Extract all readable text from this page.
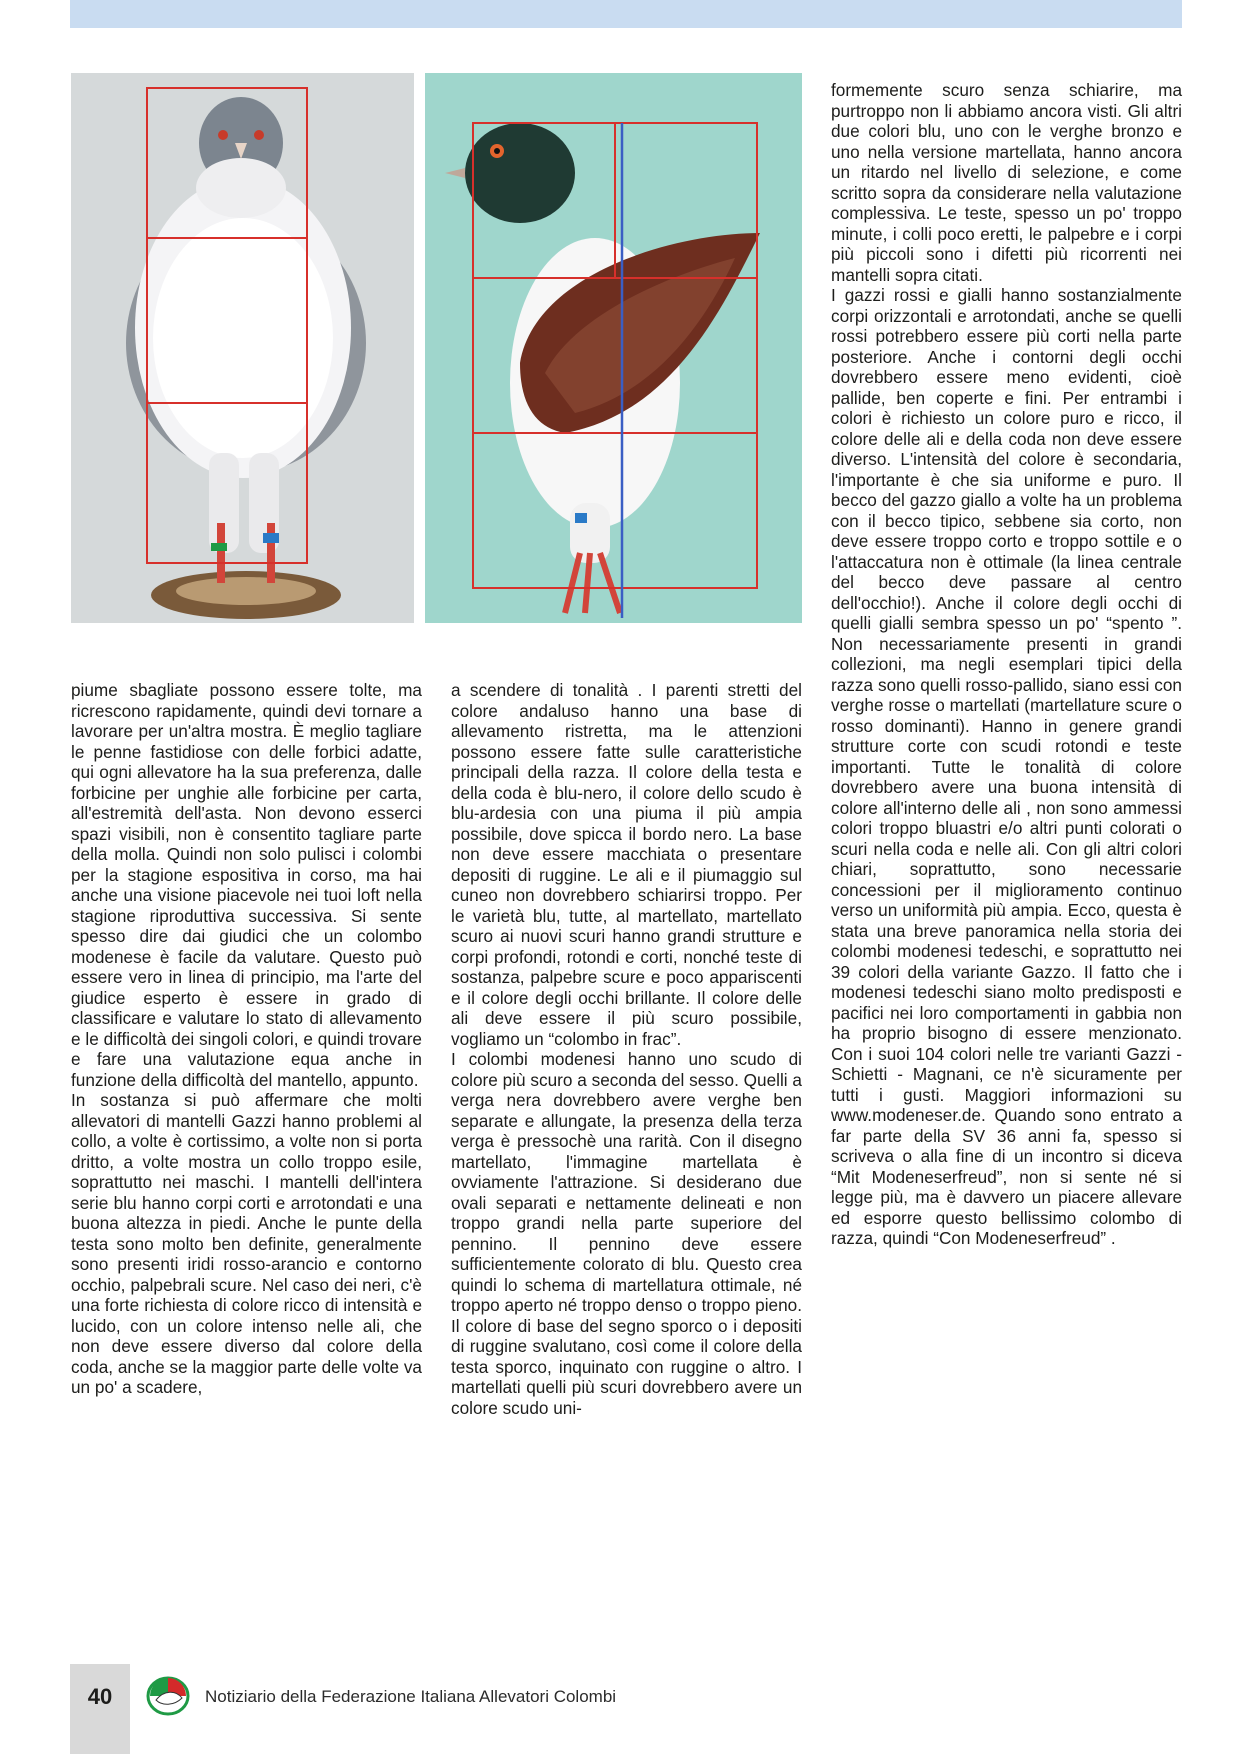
piume sbagliate possono essere tolte, ma ricrescono rapidamente, quindi devi tornare a lavorare per un'altra mostra. È meglio tagliare le penne fastidiose con delle forbici adatte, qui ogni allevatore ha la sua preferenza, dalle forbicine per unghie alle forbicine per carta, all'estremità dell'asta. Non devono esserci spazi visibili, non è consentito tagliare parte della molla. Quindi non solo pulisci i colombi per la stagione espositiva in corso, ma hai anche una visione piacevole nei tuoi loft nella stagione riproduttiva successiva. Si sente spesso dire dai giudici che un colombo modenese è facile da valutare. Questo può essere vero in linea di principio, ma l'arte del giudice esperto è essere in grado di classificare e valutare lo stato di allevamento e le difficoltà dei singoli colori, e quindi trovare e fare una valutazione equa anche in funzione della difficoltà del mantello, appunto.

In sostanza si può affermare che molti allevatori di mantelli Gazzi hanno problemi al collo, a volte è cortissimo, a volte non si porta dritto, a volte mostra un collo troppo esile, soprattutto nei maschi. I mantelli dell'intera serie blu hanno corpi corti e arrotondati e una buona altezza in piedi. Anche le punte della testa sono molto ben definite, generalmente sono presenti iridi rosso-arancio e contorno occhio, palpebrali scure. Nel caso dei neri, c'è una forte richiesta di colore ricco di intensità e lucido, con un colore intenso nelle ali, che non deve essere diverso dal colore della coda, anche se la maggior parte delle volte va un po' a scadere,

a scendere di tonalità . I parenti stretti del colore andaluso hanno una base di allevamento ristretta, ma le attenzioni possono essere fatte sulle caratteristiche principali della razza. Il colore della testa e della coda è blu-nero, il colore dello scudo è blu-ardesia con una piuma il più ampia possibile, dove spicca il bordo nero. La base non deve essere macchiata o presentare depositi di ruggine. Le ali e il piumaggio sul cuneo non dovrebbero schiarirsi troppo. Per le varietà blu, tutte, al martellato, martellato scuro ai nuovi scuri hanno grandi strutture e corpi profondi, rotondi e corti, nonché teste di sostanza, palpebre scure e poco appariscenti e il colore degli occhi brillante. Il colore delle ali deve essere il più scuro possibile, vogliamo un “colombo in frac”.

I colombi modenesi hanno uno scudo di colore più scuro a seconda del sesso. Quelli a verga nera dovrebbero avere verghe ben separate e allungate, la presenza della terza verga è pressochè una rarità. Con il disegno martellato, l'immagine martellata è ovviamente l'attrazione. Si desiderano due ovali separati e nettamente delineati e non troppo grandi nella parte superiore del pennino. Il pennino deve essere sufficientemente colorato di blu. Questo crea quindi lo schema di martellatura ottimale, né troppo aperto né troppo denso o troppo pieno. Il colore di base del segno sporco o i depositi di ruggine svalutano, così come il colore della testa sporco, inquinato con ruggine o altro. I martellati quelli più scuri dovrebbero avere un colore scudo uni-

formemente scuro senza schiarire, ma purtroppo non li abbiamo ancora visti. Gli altri due colori blu, uno con le verghe bronzo e uno nella versione martellata, hanno ancora un ritardo nel livello di selezione, e come scritto sopra da considerare nella valutazione complessiva. Le teste, spesso un po' troppo minute, i colli poco eretti, le palpebre e i corpi più piccoli sono i difetti più ricorrenti nei mantelli sopra citati.

I gazzi rossi e gialli hanno sostanzialmente corpi orizzontali e arrotondati, anche se quelli rossi potrebbero essere più corti nella parte posteriore. Anche i contorni degli occhi dovrebbero essere meno evidenti, cioè pallide, ben coperte e fini. Per entrambi i colori è richiesto un colore puro e ricco, il colore delle ali e della coda non deve essere diverso. L'intensità del colore è secondaria, l'importante è che sia uniforme e puro. Il becco del gazzo giallo a volte ha un problema con il becco tipico, sebbene sia corto, non deve essere troppo corto e troppo sottile e o l'attaccatura non è ottimale (la linea centrale del becco deve passare al centro dell'occhio!). Anche il colore degli occhi di quelli gialli sembra spesso un po' “spento ”. Non necessariamente presenti in grandi collezioni, ma negli esemplari tipici della razza sono quelli rosso-pallido, siano essi con verghe rosse o martellati (martellature scure o rosso dominanti). Hanno in genere grandi strutture corte con scudi rotondi e teste importanti. Tutte le tonalità di colore dovrebbero avere una buona intensità di colore all'interno delle ali , non sono ammessi colori troppo bluastri e/o altri punti colorati o scuri nella coda e nelle ali. Con gli altri colori chiari, soprattutto, sono necessarie concessioni per il miglioramento continuo verso un uniformità più ampia. Ecco, questa è stata una breve panoramica nella storia dei colombi modenesi tedeschi, e soprattutto nei 39 colori della variante Gazzo. Il fatto che i modenesi tedeschi siano molto predisposti e pacifici nei loro comportamenti in gabbia non ha proprio bisogno di essere menzionato. Con i suoi 104 colori nelle tre varianti Gazzi - Schietti - Magnani, ce n'è sicuramente per tutti i gusti. Maggiori informazioni su www.modeneser.de. Quando sono entrato a far parte della SV 36 anni fa, spesso si scriveva o alla fine di un incontro si diceva “Mit Modeneserfreud”, non si sente né si legge più, ma è davvero un piacere allevare ed esporre questo bellissimo colombo di razza, quindi “Con Modeneserfreud” .

40	Notiziario della Federazione Italiana Allevatori Colombi
